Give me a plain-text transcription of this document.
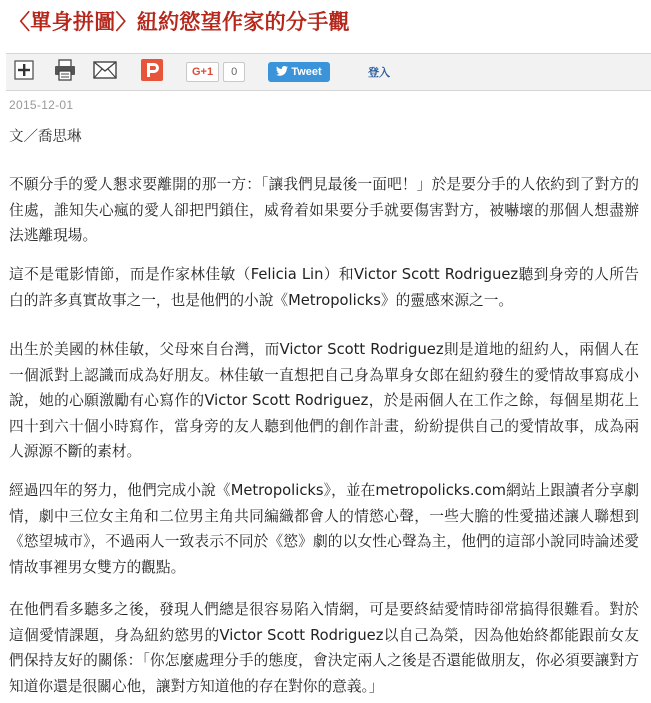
〈單身拼圖〉紐約慾望作家的分手觀
G+1	0	Tweet	登入
2015-12-01
文／喬思琳

不願分手的愛人懇求要離開的那一方：「讓我們見最後一面吧！」於是要分手的人依約到了對方的住處，誰知失心瘋的愛人卻把門鎖住，威脅着如果要分手就要傷害對方，被嚇壞的那個人想盡辦法逃離現場。

這不是電影情節，而是作家林佳敏（Felicia Lin）和Victor Scott Rodriguez聽到身旁的人所告白的許多真實故事之一，也是他們的小說《Metropolicks》的靈感來源之一。

出生於美國的林佳敏，父母來自台灣，而Victor Scott Rodriguez則是道地的紐約人，兩個人在一個派對上認識而成為好朋友。林佳敏一直想把自己身為單身女郎在紐約發生的愛情故事寫成小說，她的心願激勵有心寫作的Victor Scott Rodriguez，於是兩個人在工作之餘，每個星期花上四十到六十個小時寫作，當身旁的友人聽到他們的創作計畫，紛紛提供自己的愛情故事，成為兩人源源不斷的素材。

經過四年的努力，他們完成小說《Metropolicks》，並在metropolicks.com網站上跟讀者分享劇情，劇中三位女主角和二位男主角共同編織都會人的情慾心聲，一些大膽的性愛描述讓人聯想到《慾望城市》，不過兩人一致表示不同於《慾》劇的以女性心聲為主，他們的這部小說同時論述愛情故事裡男女雙方的觀點。

在他們看多聽多之後，發現人們總是很容易陷入情網，可是要終結愛情時卻常搞得很難看。對於這個愛情課題，身為紐約慾男的Victor Scott Rodriguez以自己為榮，因為他始終都能跟前女友們保持友好的關係：「你怎麼處理分手的態度，會決定兩人之後是否還能做朋友，你必須要讓對方知道你還是很關心他，讓對方知道他的存在對你的意義。」
